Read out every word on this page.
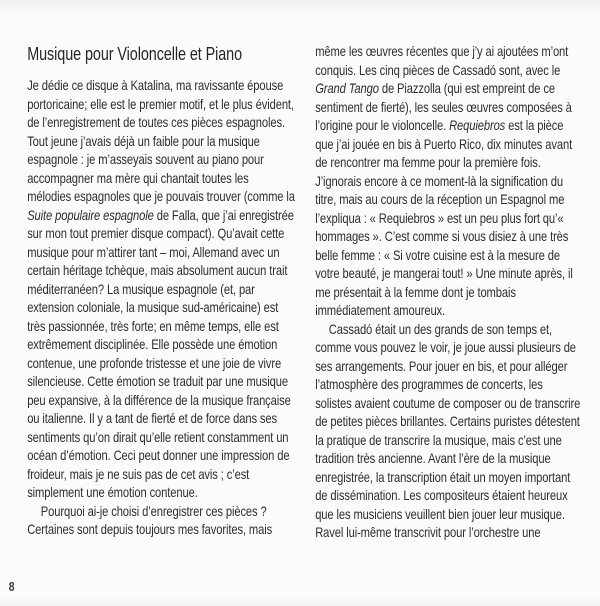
Musique pour Violoncelle et Piano

Je dédie ce disque à Katalina, ma ravissante épouse portoricaine; elle est le premier motif, et le plus évident, de l’enregistrement de toutes ces pièces espagnoles. Tout jeune j’avais déjà un faible pour la musique espagnole : je m’asseyais souvent au piano pour accompagner ma mère qui chantait toutes les mélodies espagnoles que je pouvais trouver (comme la Suite populaire espagnole de Falla, que j’ai enregistrée sur mon tout premier disque compact). Qu’avait cette musique pour m’attirer tant – moi, Allemand avec un certain héritage tchèque, mais absolument aucun trait méditerranéen? La musique espagnole (et, par extension coloniale, la musique sud-américaine) est très passionnée, très forte; en même temps, elle est extrêmement disciplinée. Elle possède une émotion contenue, une profonde tristesse et une joie de vivre silencieuse. Cette émotion se traduit par une musique peu expansive, à la différence de la musique française ou italienne. Il y a tant de fierté et de force dans ses sentiments qu’on dirait qu’elle retient constamment un océan d’émotion. Ceci peut donner une impression de froideur, mais je ne suis pas de cet avis ; c’est simplement une émotion contenue.

Pourquoi ai-je choisi d’enregistrer ces pièces ? Certaines sont depuis toujours mes favorites, mais

même les œuvres récentes que j’y ai ajoutées m’ont conquis. Les cinq pièces de Cassadó sont, avec le Grand Tango de Piazzolla (qui est empreint de ce sentiment de fierté), les seules œuvres composées à l’origine pour le violoncelle. Requiebros est la pièce que j’ai jouée en bis à Puerto Rico, dix minutes avant de rencontrer ma femme pour la première fois. J’ignorais encore à ce moment-là la signification du titre, mais au cours de la réception un Espagnol me l’expliqua : « Requiebros » est un peu plus fort qu’« hommages ». C’est comme si vous disiez à une très belle femme : « Si votre cuisine est à la mesure de votre beauté, je mangerai tout! » Une minute après, il me présentait à la femme dont je tombais immédiatement amoureux.

Cassadó était un des grands de son temps et, comme vous pouvez le voir, je joue aussi plusieurs de ses arrangements. Pour jouer en bis, et pour alléger l’atmosphère des programmes de concerts, les solistes avaient coutume de composer ou de transcrire de petites pièces brillantes. Certains puristes détestent la pratique de transcrire la musique, mais c’est une tradition très ancienne. Avant l’ère de la musique enregistrée, la transcription était un moyen important de dissémination. Les compositeurs étaient heureux que les musiciens veuillent bien jouer leur musique. Ravel lui-même transcrivit pour l’orchestre une

8
